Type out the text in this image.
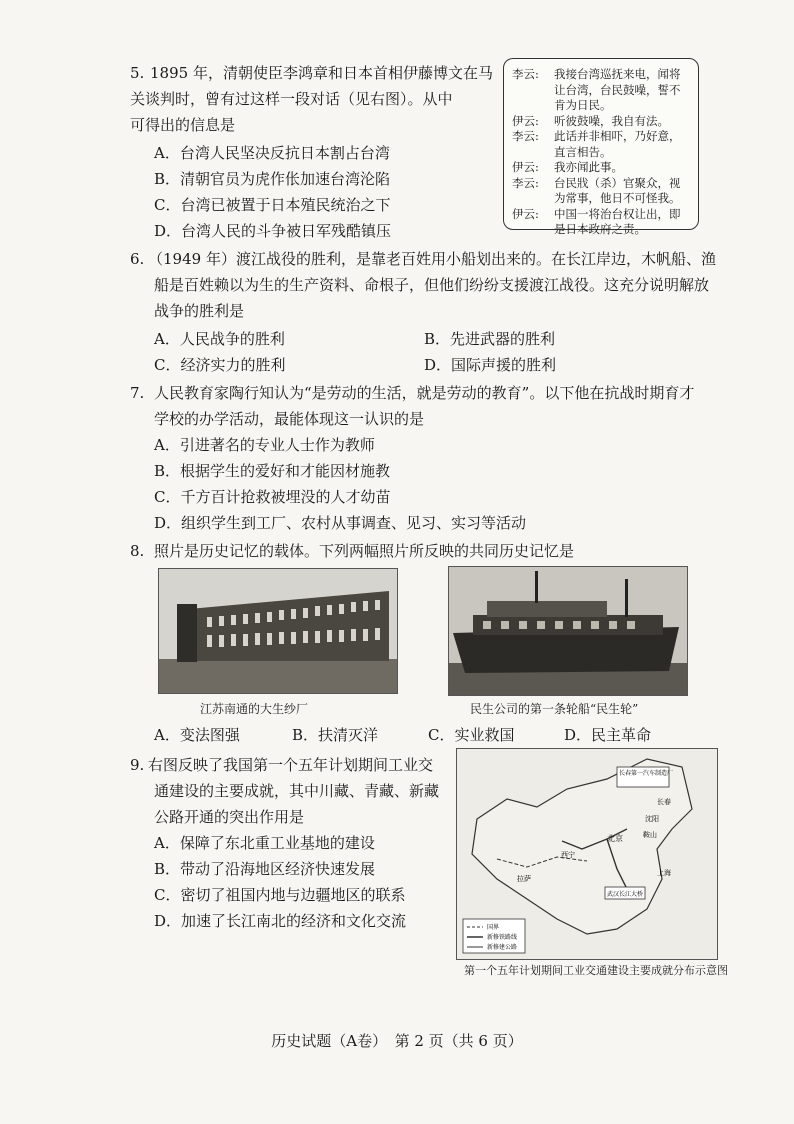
5. 1895 年，清朝使臣李鸿章和日本首相伊藤博文在马
关谈判时，曾有过这样一段对话（见右图）。从中
可得出的信息是
A．台湾人民坚决反抗日本割占台湾
B．清朝官员为虎作伥加速台湾沦陷
C．台湾已被置于日本殖民统治之下
D．台湾人民的斗争被日军残酷镇压
李云:	我接台湾巡抚来电，闻将
让台湾，台民鼓噪，誓不
肯为日民。
伊云:	听彼鼓噪，我自有法。
李云:	此话并非相吓，乃好意，
直言相告。
伊云:	我亦闻此事。
李云:	台民戕（杀）官聚众，视
为常事，他日不可怪我。
伊云:	中国一将治台权让出，即
是日本政府之责。
6. （1949 年）渡江战役的胜利，是靠老百姓用小船划出来的。在长江岸边，木帆船、渔
船是百姓赖以为生的生产资料、命根子，但他们纷纷支援渡江战役。这充分说明解放
战争的胜利是
A．人民战争的胜利	B．先进武器的胜利
C．经济实力的胜利	D．国际声援的胜利
7. 人民教育家陶行知认为“是劳动的生活，就是劳动的教育”。以下他在抗战时期育才
学校的办学活动，最能体现这一认识的是
A．引进著名的专业人士作为教师
B．根据学生的爱好和才能因材施教
C．千方百计抢救被埋没的人才幼苗
D．组织学生到工厂、农村从事调查、见习、实习等活动
8. 照片是历史记忆的载体。下列两幅照片所反映的共同历史记忆是
江苏南通的大生纱厂	民生公司的第一条轮船“民生轮”
A．变法图强	B．扶清灭洋	C．实业救国	D．民主革命
9. 右图反映了我国第一个五年计划期间工业交
通建设的主要成就，其中川藏、青藏、新藏
公路开通的突出作用是
A．保障了东北重工业基地的建设
B．带动了沿海地区经济快速发展
C．密切了祖国内地与边疆地区的联系
D．加速了长江南北的经济和文化交流
长春第一汽车制造厂
长春
沈阳
鞍山
北京
西宁
拉萨
上海
武汉长江大桥
国界
新修铁路线
新修建公路
第一个五年计划期间工业交通建设主要成就分布示意图
历史试题（A卷）　第 2 页（共 6 页）
